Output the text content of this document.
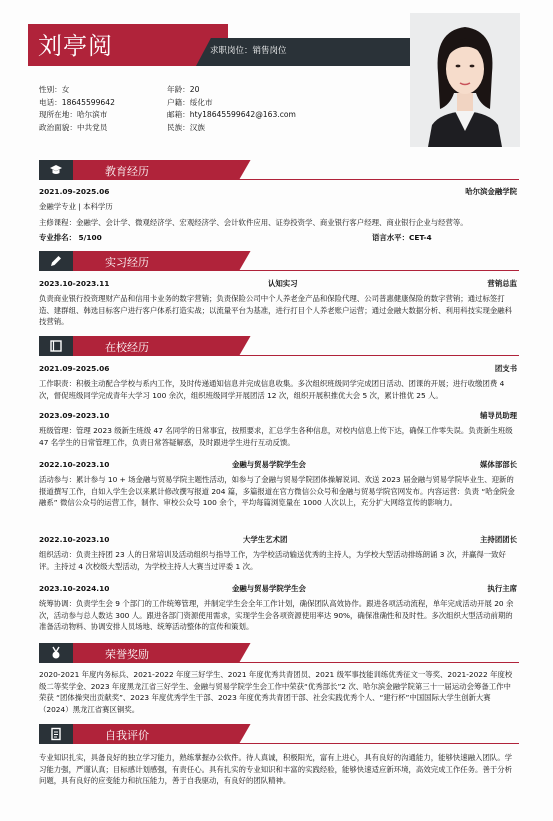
刘亭阅	求职岗位：销售岗位
性别：女
电话：18645599642
现所在地：哈尔滨市
政治面貌：中共党员
年龄：20
户籍：绥化市
邮箱：hty18645599642@163.com
民族：汉族
教育经历
2021.09-2025.06	哈尔滨金融学院
金融学专业 | 本科学历
主修课程：金融学、会计学、微观经济学、宏观经济学、会计软件应用、证券投资学、商业银行客户经理、商业银行企业与经营等。
专业排名： 5/100	语言水平：CET-4
实习经历
2023.10-2023.11	认知实习	营销总监
负责商业银行投资理财产品和信用卡业务的数字营销；负责保险公司中个人养老金产品和保险代理、公司普惠健康保险的数字营销；通过标签打造、建群组、韩选目标客户进行客户体系打造实战；以流量平台为基准，进行打目个人养老账户运营；通过金融大数据分析、利用科技实现金融科技营销。
在校经历
2021.09-2025.06	团支书
工作职责：积极主动配合学校与系内工作，及时传递通知信息并完成信息收集。多次组织班级同学完成团日活动、团课的开展；进行收缴团费 4 次，督促班级同学完成青年大学习 100 余次，组织班级同学开展团活 12 次，组织开展积推优大会 5 次，累计推优 25 人。
2023.09-2023.10	辅导员助理
班级管理：管理 2023 级新生班级 47 名同学的日常事宜，按照要求，汇总学生各种信息，对校内信息上传下达，确保工作零失误。负责新生班级 47 名学生的日常管理工作，负责日常答疑解惑，及时跟进学生进行互动反馈。
2022.10-2023.10	金融与贸易学院学生会	媒体部部长
活动参与：累计参与 10 + 场金融与贸易学院主题性活动，如参与了金融与贸易学院团体操解说词、欢送 2023 届金融与贸易学院毕业生、迎新的报道撰写工作，自如入学生会以来累计修改撰写报道 204 篇，多篇报道在官方微信公众号和金融与贸易学院官网发布。内容运营：负责 “哈金院金融系” 微信公众号的运营工作，制作、审校公众号 100 余个，平均每篇浏览量在 1000 人次以上，充分扩大网络宣传的影响力。
2022.10-2023.10	大学生艺术团	主持团团长
组织活动：负责主持团 23 人的日常培训及活动组织与指导工作，为学校活动输送优秀的主持人，为学校大型活动排练朗诵 3 次，并赢得一致好评。主持过 4 次校级大型活动，为学校主持人大赛当过评委 1 次。
2023.10-2024.10	金融与贸易学院学生会	执行主席
统筹协调：负责学生会 9 个部门的工作统筹管理，并制定学生会全年工作计划，确保团队高效协作。跟进各项活动流程，单年完成活动开展 20 余次，活动参与总人数达 300 人。跟进各部门资源使用需求，实现学生会各项资源使用率达 90%，确保准确性和及时性。多次组织大型活动前期的准备活动物料、协调安排人员场地、统筹活动整体的宣传和策划。
荣誉奖励
2020-2021 年度内务标兵、2021-2022 年度三好学生、2021 年度优秀共青团员、2021 级军事技能训练优秀征文一等奖、2021-2022 年度校级二等奖学金、2023 年度黑龙江省三好学生、金融与贸易学院学生会工作中荣获“优秀部长”2 次、哈尔滨金融学院第三十一届运动会筹备工作中荣获 “团体操突出贡献奖”、2023 年度优秀学生干部、2023 年度优秀共青团干部、社会实践优秀个人、“建行杯”中国国际大学生创新大赛（2024）黑龙江省赛区铜奖。
自我评价
专业知识扎实，具备良好的独立学习能力，熟练掌握办公软件。待人真诚，积极阳光，富有上进心，具有良好的沟通能力，能够快速融入团队。学习能力强，严谨认真；目标感计划感强，有责任心。具有扎实的专业知识和丰富的实践经验，能够快速适应新环境，高效完成工作任务。善于分析问题，具有良好的应变能力和抗压能力，善于自我驱动，有良好的团队精神。
